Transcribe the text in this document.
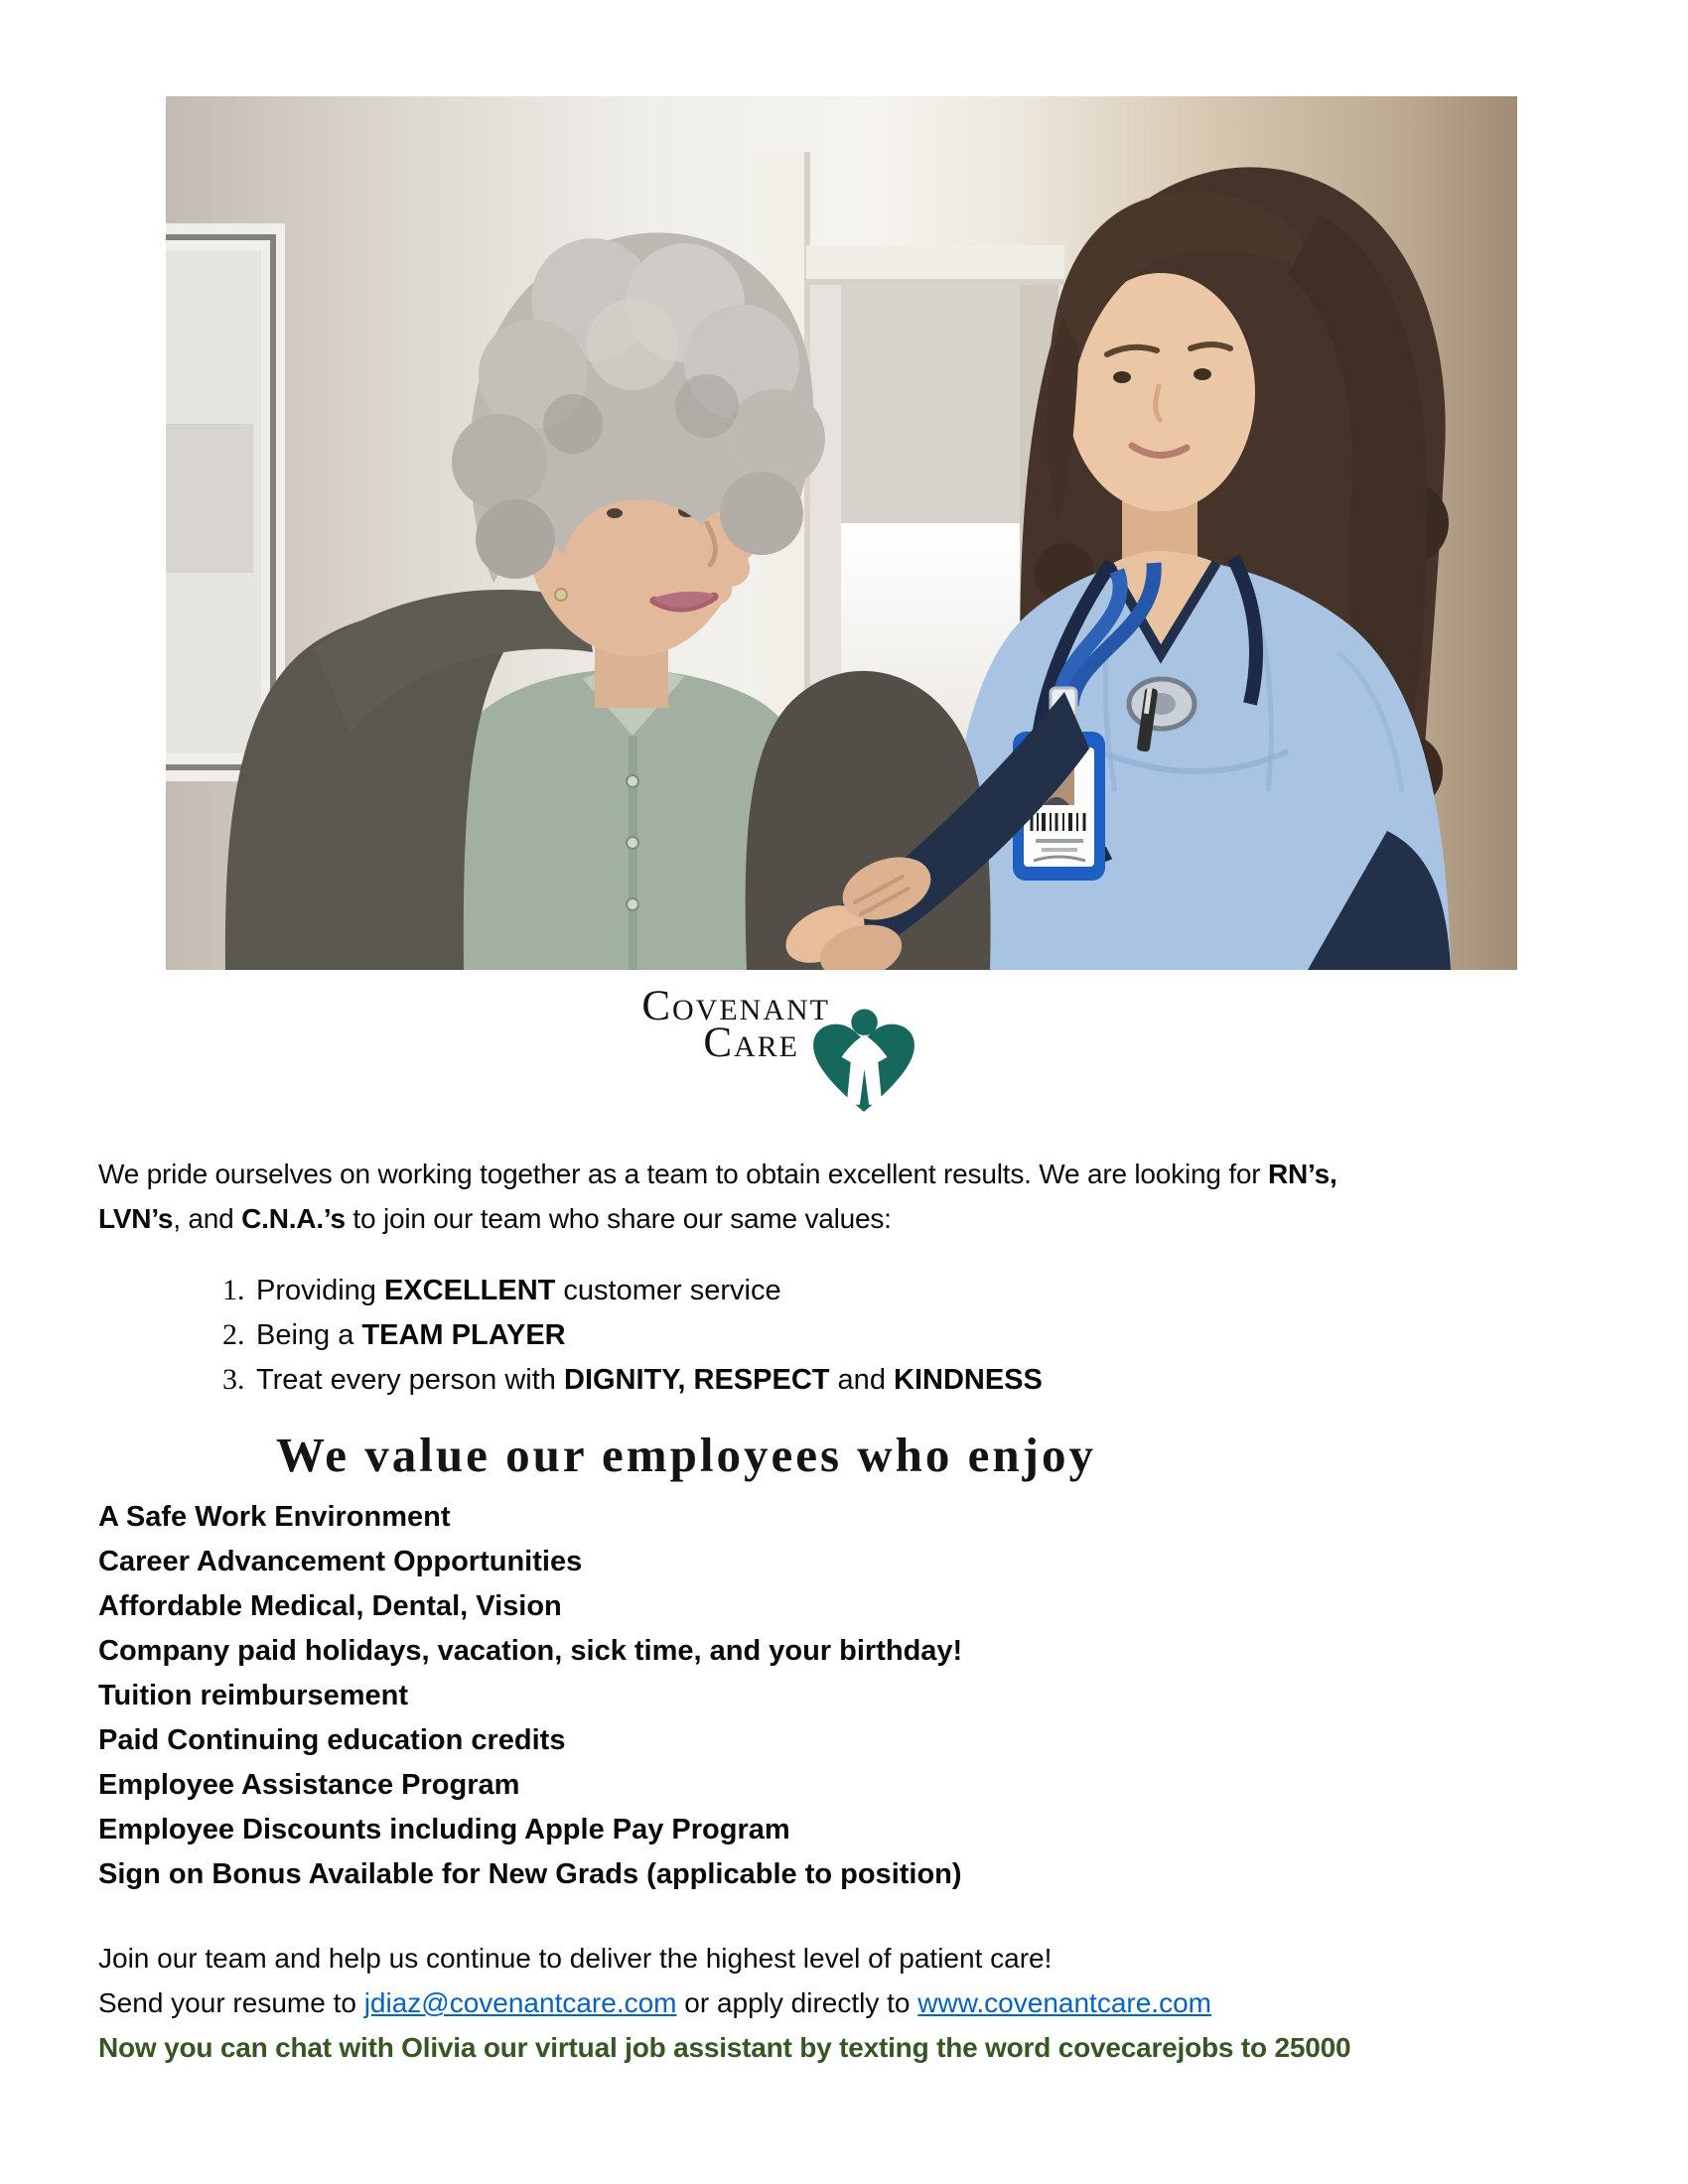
COVENANT
CARE

We pride ourselves on working together as a team to obtain excellent results. We are looking for RN’s,
LVN’s, and C.N.A.’s to join our team who share our same values:

1. Providing EXCELLENT customer service
2. Being a TEAM PLAYER
3. Treat every person with DIGNITY, RESPECT and KINDNESS
We value our employees who enjoy
A Safe Work Environment
Career Advancement Opportunities
Affordable Medical, Dental, Vision
Company paid holidays, vacation, sick time, and your birthday!
Tuition reimbursement
Paid Continuing education credits
Employee Assistance Program
Employee Discounts including Apple Pay Program
Sign on Bonus Available for New Grads (applicable to position)
Join our team and help us continue to deliver the highest level of patient care!
Send your resume to jdiaz@covenantcare.com or apply directly to www.covenantcare.com
Now you can chat with Olivia our virtual job assistant by texting the word covecarejobs to 25000
